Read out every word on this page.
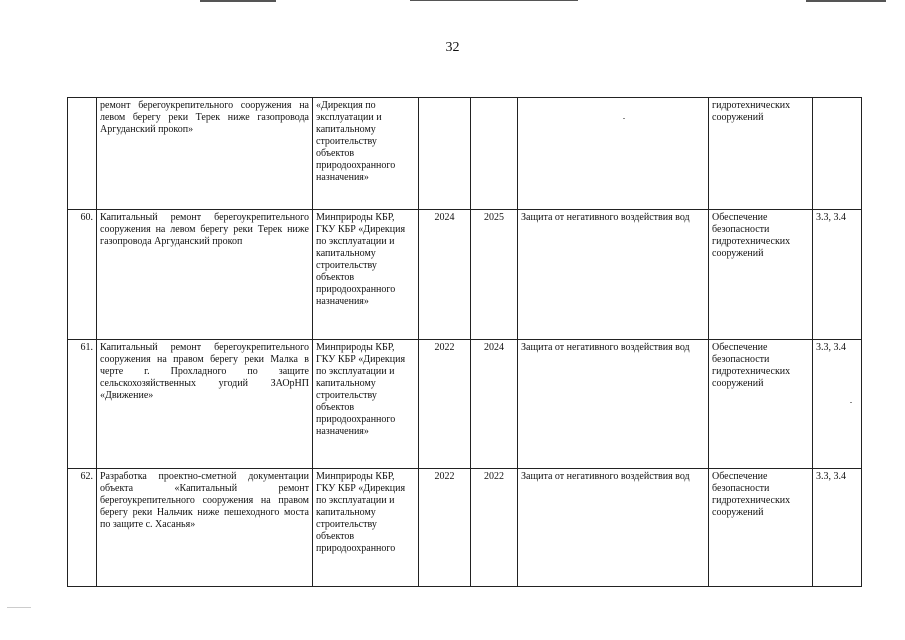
32
	ремонт берегоукрепительного сооружения на левом берегу реки Терек ниже газопровода Аргуданский прокоп»	«Дирекция по эксплуатации и капитальному строительству объектов природоохранного назначения»				гидротехнических сооружений	
60.	Капитальный ремонт берегоукрепительного сооружения на левом берегу реки Терек ниже газопровода Аргуданский прокоп	Минприроды КБР, ГКУ КБР «Дирекция по эксплуатации и капитальному строительству объектов природоохранного назначения»	2024	2025	Защита от негативного воздействия вод	Обеспечение безопасности гидротехнических сооружений	3.3, 3.4
61.	Капитальный ремонт берегоукрепительного сооружения на правом берегу реки Малка в черте г. Прохладного по защите сельскохозяйственных угодий ЗАОрНП «Движение»	Минприроды КБР, ГКУ КБР «Дирекция по эксплуатации и капитальному строительству объектов природоохранного назначения»	2022	2024	Защита от негативного воздействия вод	Обеспечение безопасности гидротехнических сооружений	3.3, 3.4
62.	Разработка проектно-сметной документации объекта «Капитальный ремонт берегоукрепительного сооружения на правом берегу реки Нальчик ниже пешеходного моста по защите с. Хасанья»	Минприроды КБР, ГКУ КБР «Дирекция по эксплуатации и капитальному строительству объектов природоохранного	2022	2022	Защита от негативного воздействия вод	Обеспечение безопасности гидротехнических сооружений	3.3, 3.4
